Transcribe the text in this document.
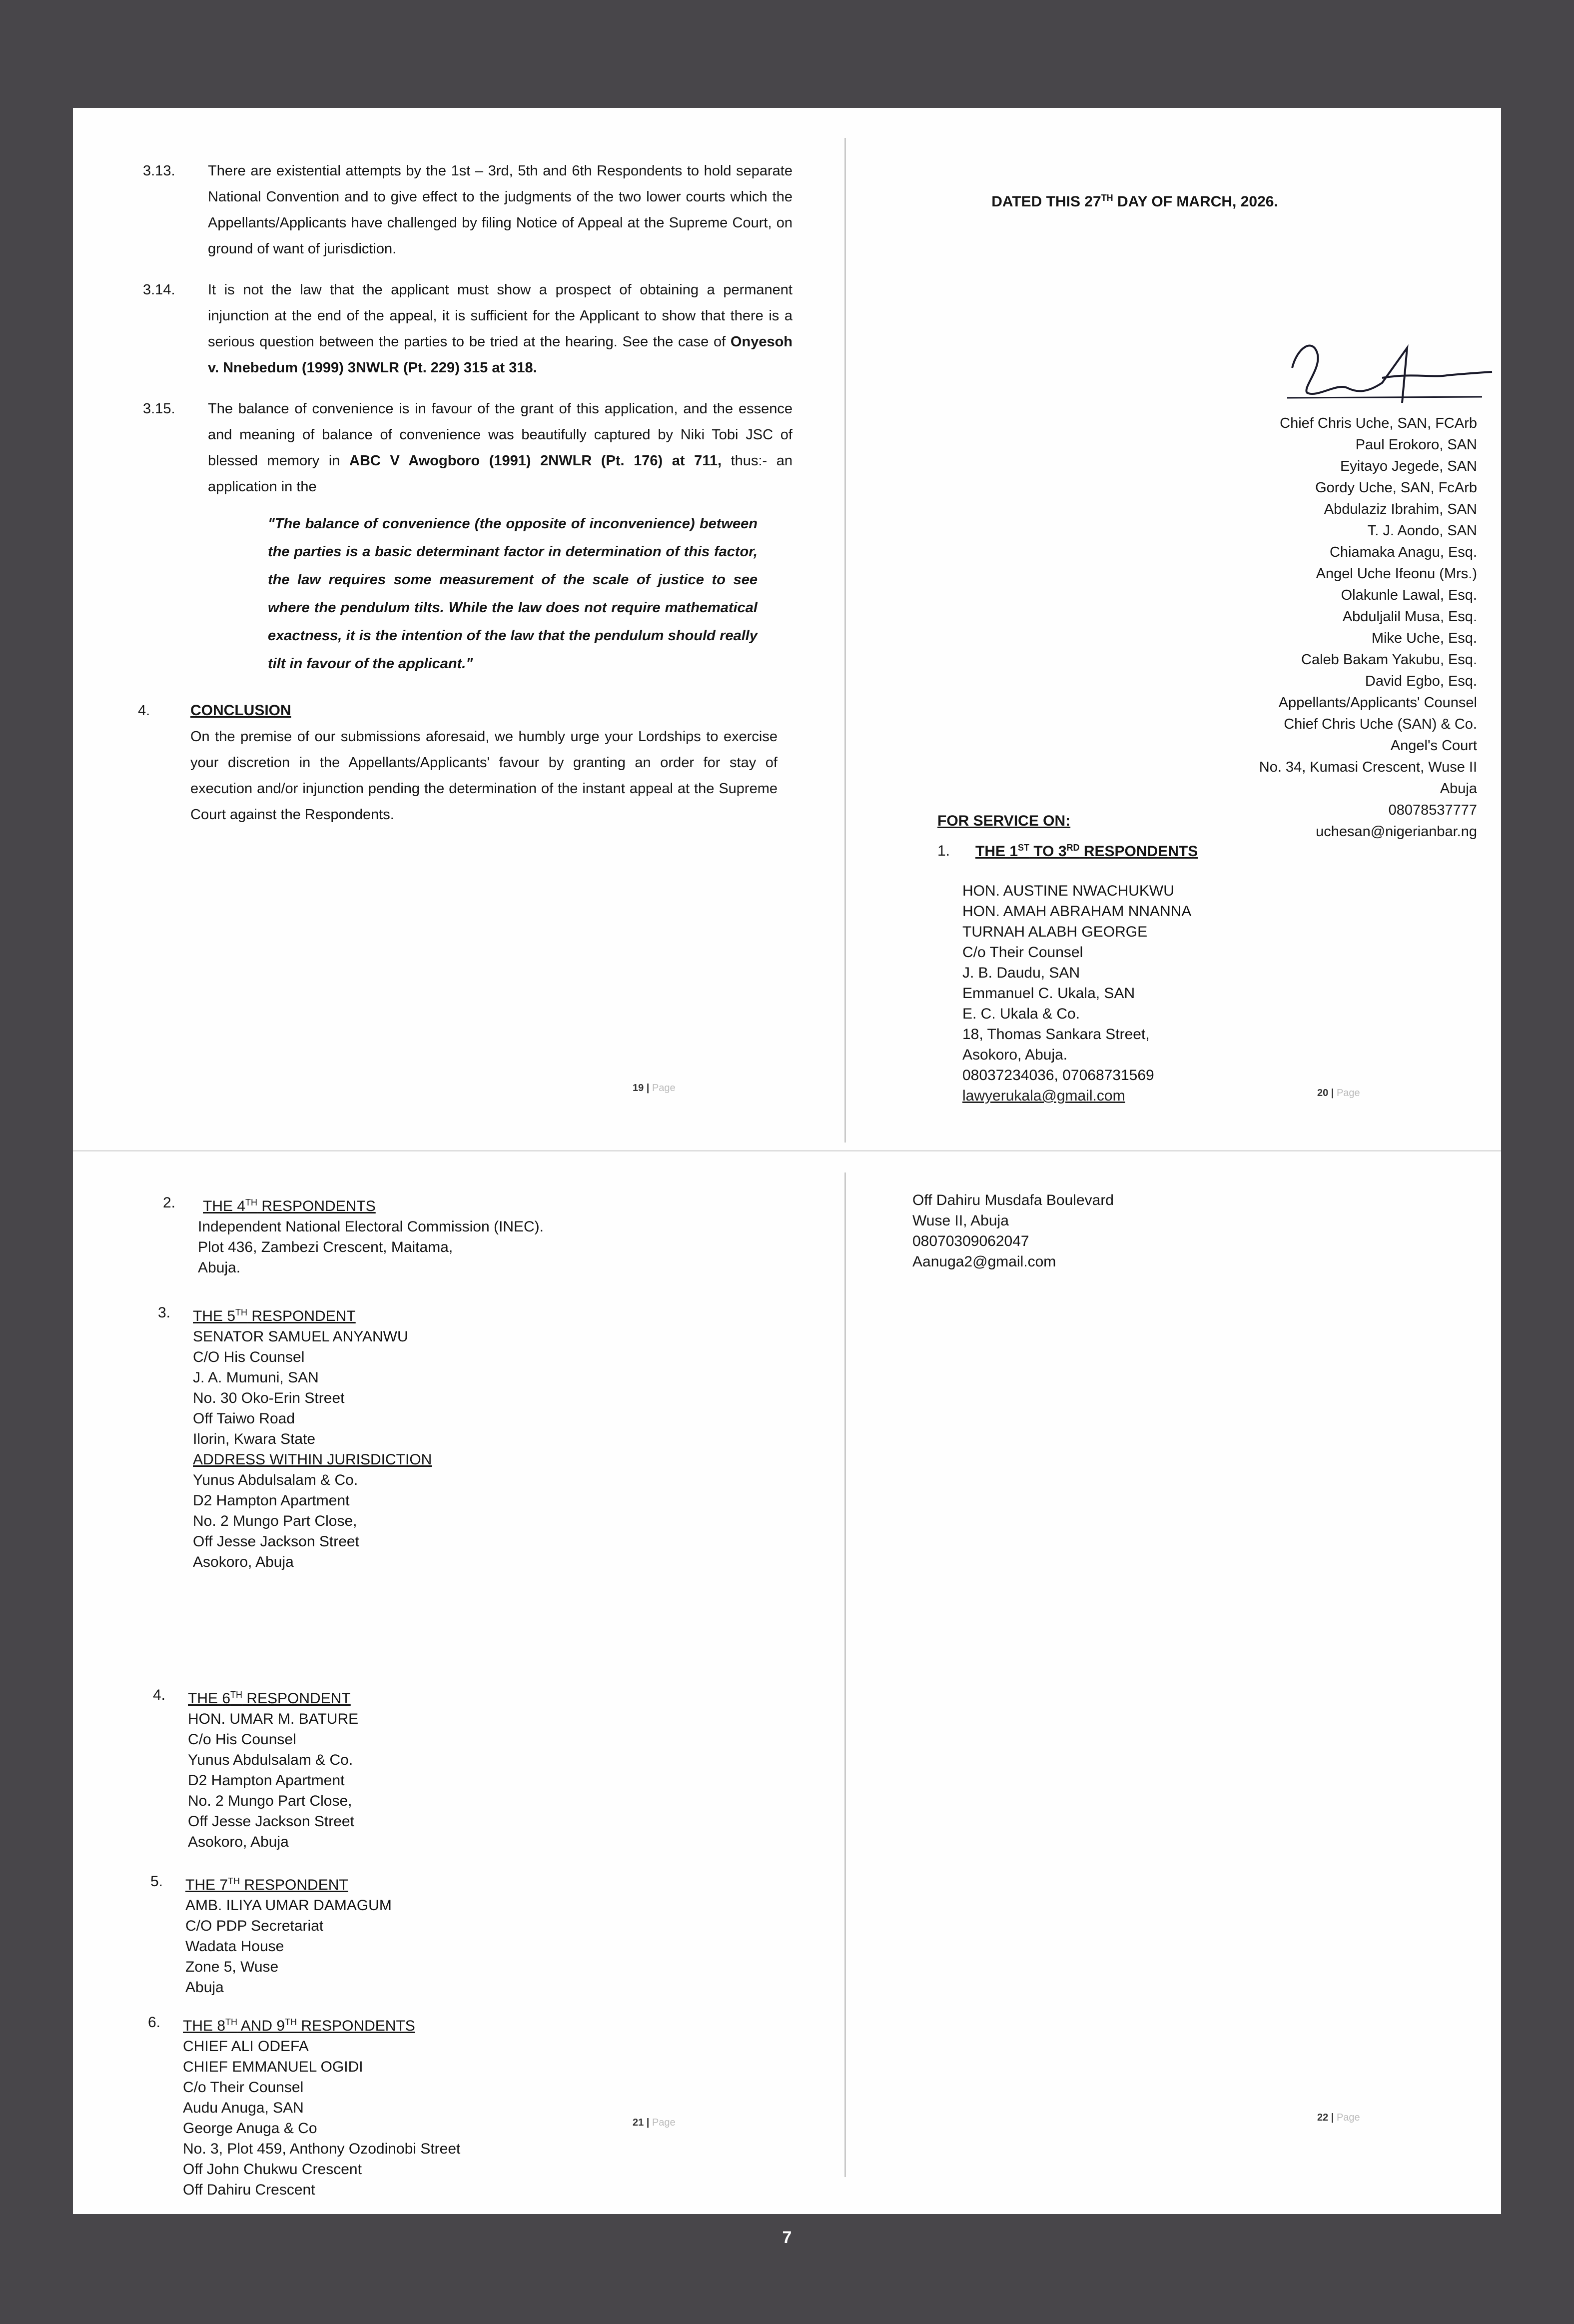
3.13.	There are existential attempts by the 1st – 3rd, 5th and 6th Respondents to hold separate National Convention and to give effect to the judgments of the two lower courts which the Appellants/Applicants have challenged by filing Notice of Appeal at the Supreme Court, on ground of want of jurisdiction.

3.14.	It is not the law that the applicant must show a prospect of obtaining a permanent injunction at the end of the appeal, it is sufficient for the Applicant to show that there is a serious question between the parties to be tried at the hearing. See the case of Onyesoh v. Nnebedum (1999) 3NWLR (Pt. 229) 315 at 318.

3.15.	The balance of convenience is in favour of the grant of this application, and the essence and meaning of balance of convenience was beautifully captured by Niki Tobi JSC of blessed memory in ABC V Awogboro (1991) 2NWLR (Pt. 176) at 711, thus:- an application in the

"The balance of convenience (the opposite of inconvenience) between the parties is a basic determinant factor in determination of this factor, the law requires some measurement of the scale of justice to see where the pendulum tilts. While the law does not require mathematical exactness, it is the intention of the law that the pendulum should really tilt in favour of the applicant."
4.	CONCLUSION

On the premise of our submissions aforesaid, we humbly urge your Lordships to exercise your discretion in the Appellants/Applicants' favour by granting an order for stay of execution and/or injunction pending the determination of the instant appeal at the Supreme Court against the Respondents.

19 | Page
DATED THIS 27TH DAY OF MARCH, 2026.
Chief Chris Uche, SAN, FCArb
Paul Erokoro, SAN
Eyitayo Jegede, SAN
Gordy Uche, SAN, FcArb
Abdulaziz Ibrahim, SAN
T. J. Aondo, SAN
Chiamaka Anagu, Esq.
Angel Uche Ifeonu (Mrs.)
Olakunle Lawal, Esq.
Abduljalil Musa, Esq.
Mike Uche, Esq.
Caleb Bakam Yakubu, Esq.
David Egbo, Esq.
Appellants/Applicants' Counsel
Chief Chris Uche (SAN) & Co.
Angel's Court
No. 34, Kumasi Crescent, Wuse II
Abuja
08078537777
uchesan@nigerianbar.ng
FOR SERVICE ON:
1. THE 1ST TO 3RD RESPONDENTS
HON. AUSTINE NWACHUKWU
HON. AMAH ABRAHAM NNANNA
TURNAH ALABH GEORGE
C/o Their Counsel
J. B. Daudu, SAN
Emmanuel C. Ukala, SAN
E. C. Ukala & Co.
18, Thomas Sankara Street,
Asokoro, Abuja.
08037234036, 07068731569
lawyerukala@gmail.com	20 | Page
2.	THE 4TH RESPONDENTS
Independent National Electoral Commission (INEC).
Plot 436, Zambezi Crescent, Maitama,
Abuja.
3. THE 5TH RESPONDENT
SENATOR SAMUEL ANYANWU
C/O His Counsel
J. A. Mumuni, SAN
No. 30 Oko-Erin Street
Off Taiwo Road
Ilorin, Kwara State
ADDRESS WITHIN JURISDICTION
Yunus Abdulsalam & Co.
D2 Hampton Apartment
No. 2 Mungo Part Close,
Off Jesse Jackson Street
Asokoro, Abuja
4. THE 6TH RESPONDENT
HON. UMAR M. BATURE
C/o His Counsel
Yunus Abdulsalam & Co.
D2 Hampton Apartment
No. 2 Mungo Part Close,
Off Jesse Jackson Street
Asokoro, Abuja
5. THE 7TH RESPONDENT
AMB. ILIYA UMAR DAMAGUM
C/O PDP Secretariat
Wadata House
Zone 5, Wuse
Abuja
6. THE 8TH AND 9TH RESPONDENTS
CHIEF ALI ODEFA
CHIEF EMMANUEL OGIDI
C/o Their Counsel
Audu Anuga, SAN
George Anuga & Co
No. 3, Plot 459, Anthony Ozodinobi Street
Off John Chukwu Crescent
Off Dahiru Crescent
21 | Page
Off Dahiru Musdafa Boulevard
Wuse II, Abuja
08070309062047
Aanuga2@gmail.com
22 | Page
7
